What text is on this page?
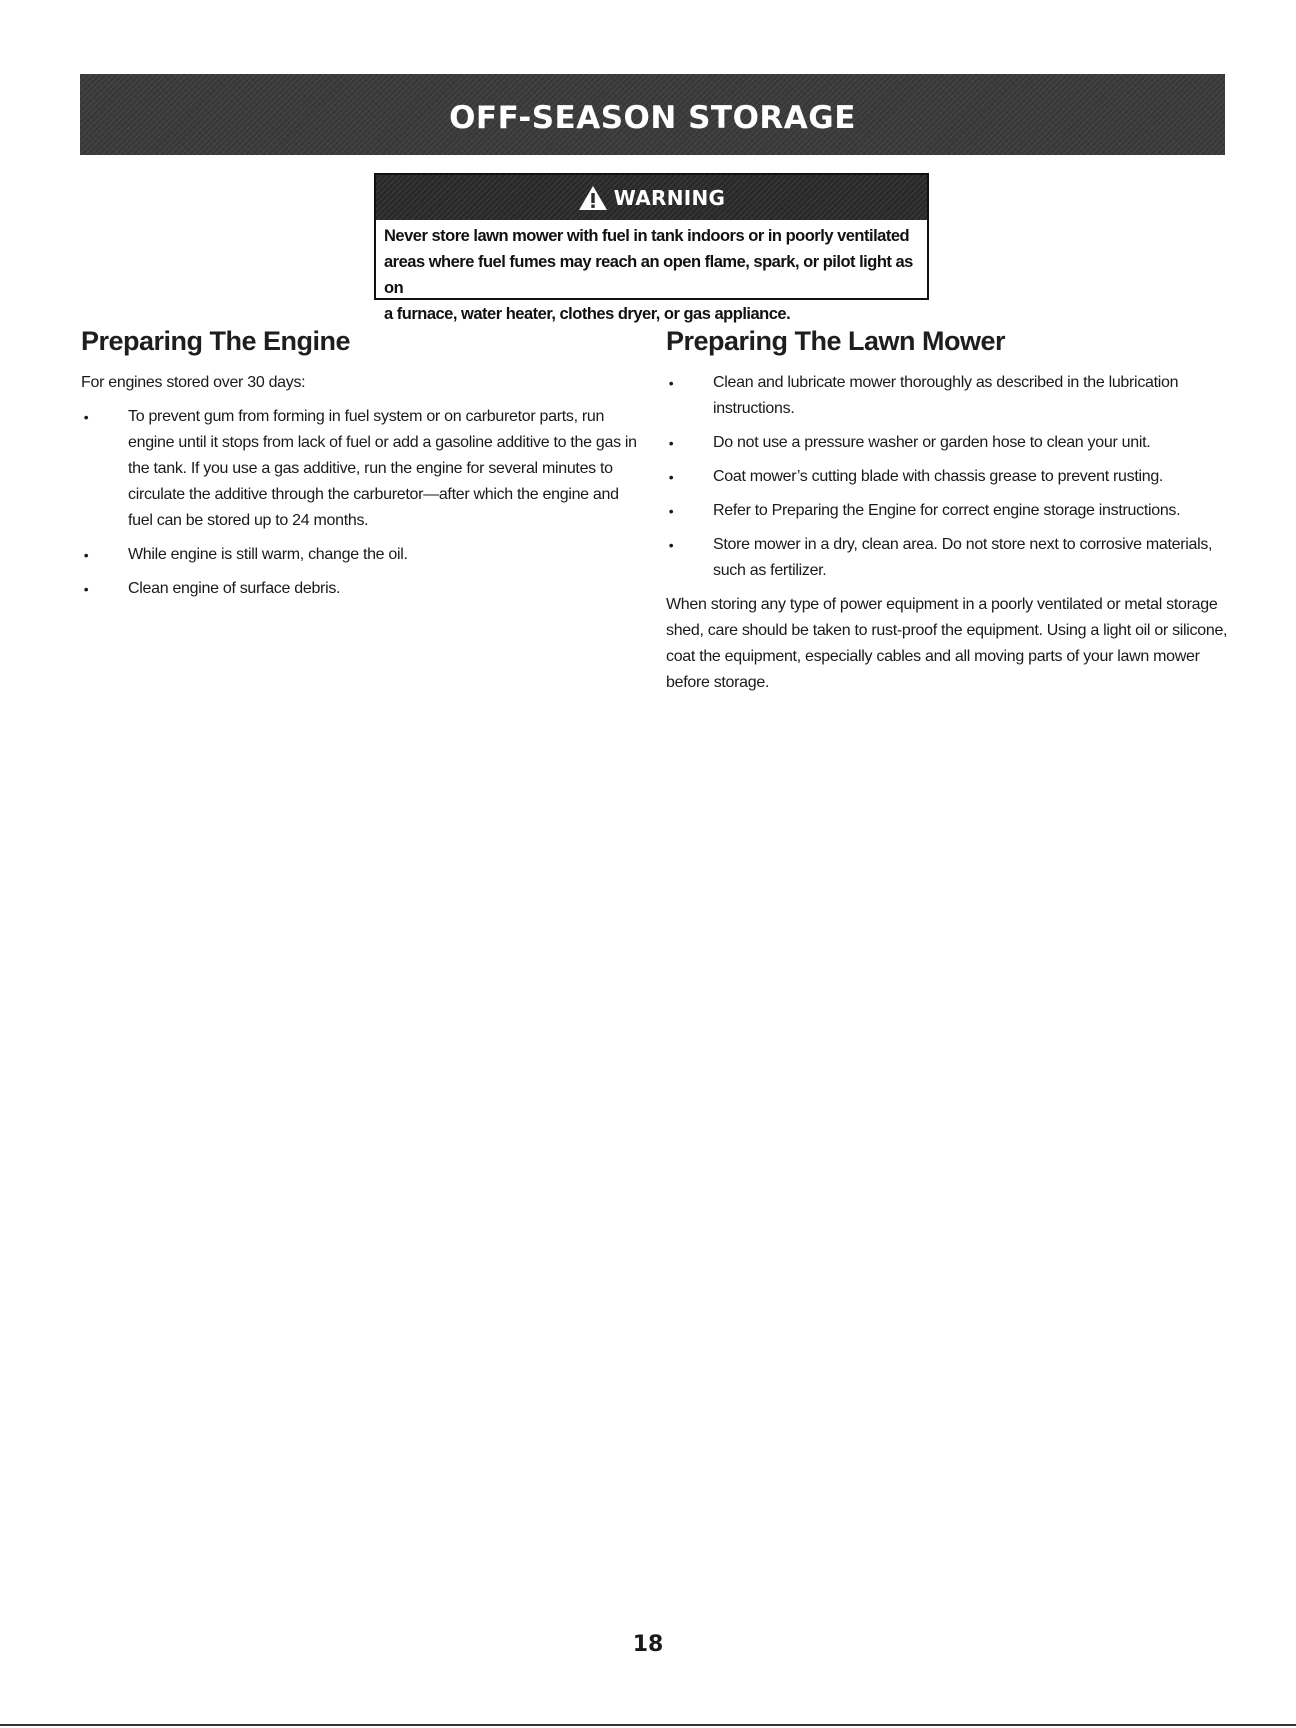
OFF-SEASON STORAGE
WARNING
Never store lawn mower with fuel in tank indoors or in poorly ventilated
areas where fuel fumes may reach an open flame, spark, or pilot light as on
a furnace, water heater, clothes dryer, or gas appliance.
Preparing The Engine

For engines stored over 30 days:

• To prevent gum from forming in fuel system or on carburetor parts, run engine until it stops from lack of fuel or add a gasoline additive to the gas in the tank. If you use a gas additive, run the engine for several minutes to circulate the additive through the carburetor—after which the engine and fuel can be stored up to 24 months.
• While engine is still warm, change the oil.
• Clean engine of surface debris.
Preparing The Lawn Mower
• Clean and lubricate mower thoroughly as described in the lubrication instructions.
• Do not use a pressure washer or garden hose to clean your unit.
• Coat mower’s cutting blade with chassis grease to prevent rusting.
• Refer to Preparing the Engine for correct engine storage instructions.
• Store mower in a dry, clean area. Do not store next to corrosive materials, such as fertilizer.

When storing any type of power equipment in a poorly ventilated or metal storage shed, care should be taken to rust-proof the equipment. Using a light oil or silicone, coat the equipment, especially cables and all moving parts of your lawn mower before storage.

18
